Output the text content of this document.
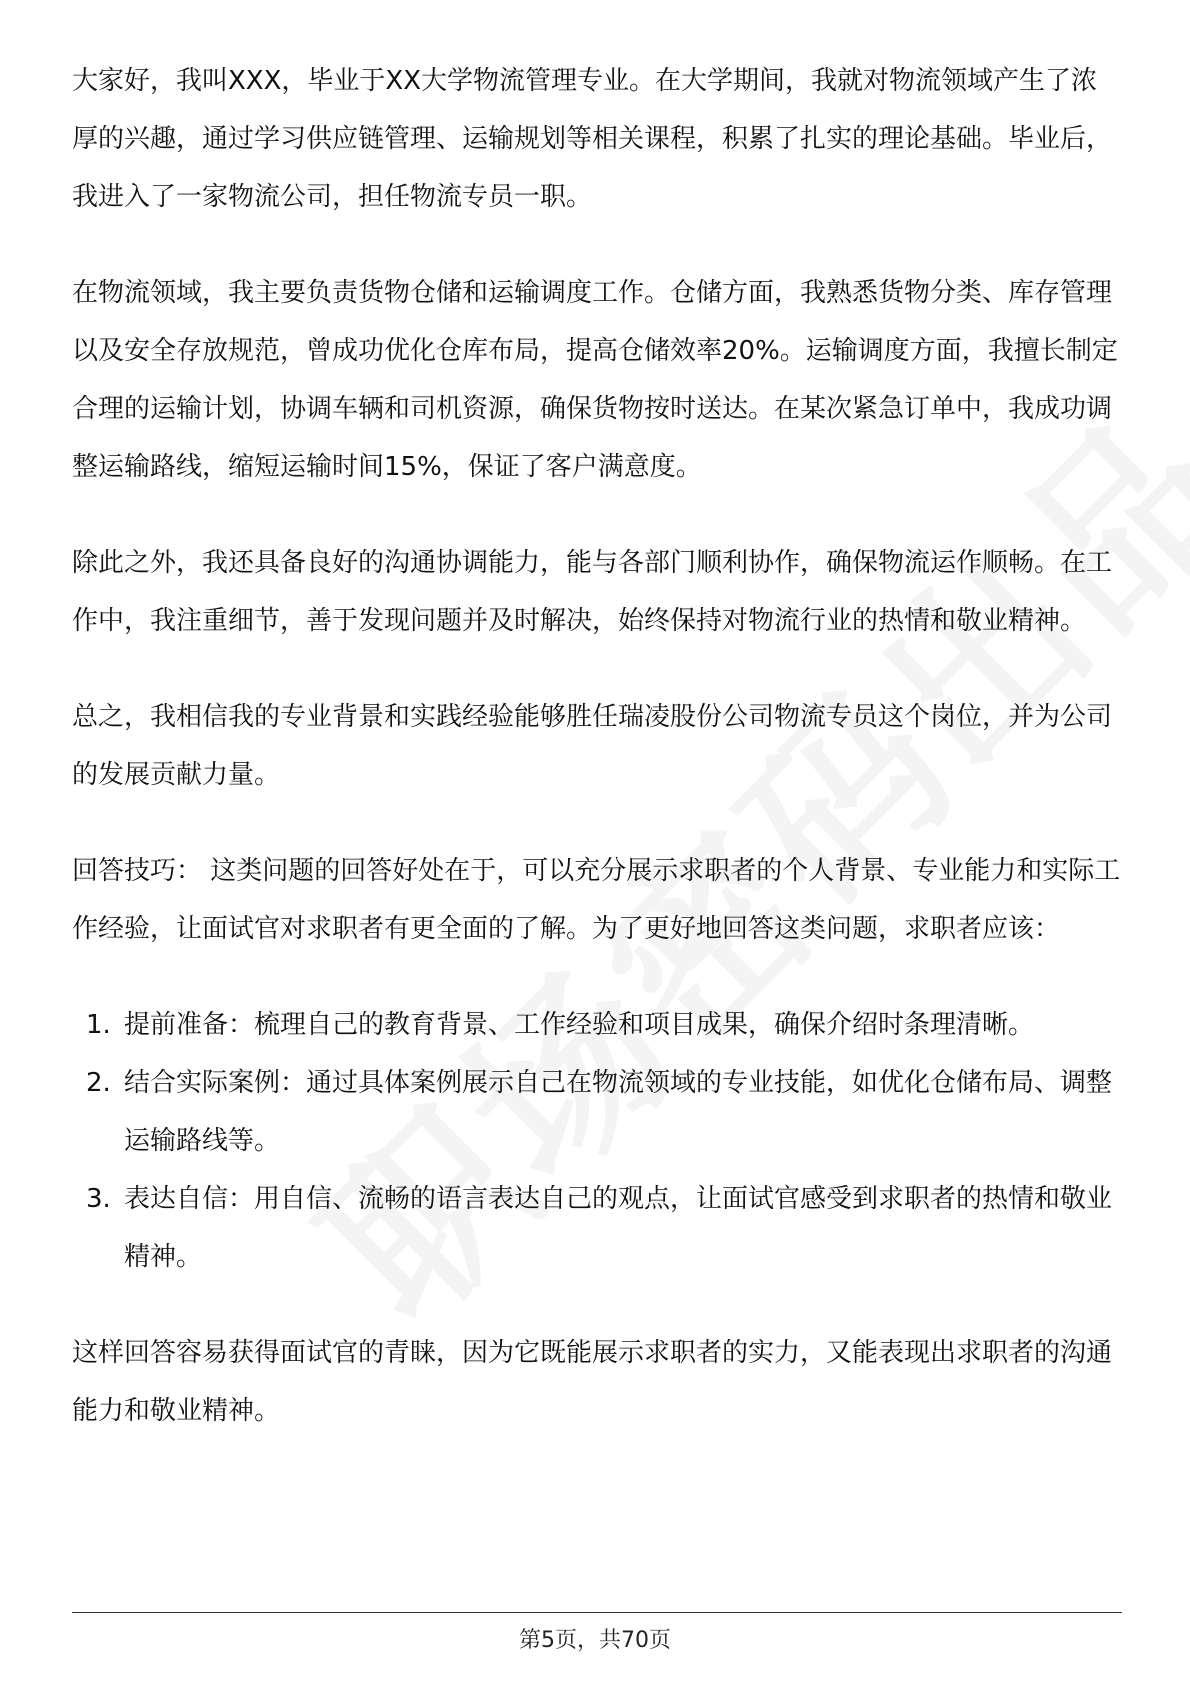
大家好，我叫XXX，毕业于XX大学物流管理专业。在大学期间，我就对物流领域产生了浓厚的兴趣，通过学习供应链管理、运输规划等相关课程，积累了扎实的理论基础。毕业后，我进入了一家物流公司，担任物流专员一职。

在物流领域，我主要负责货物仓储和运输调度工作。仓储方面，我熟悉货物分类、库存管理以及安全存放规范，曾成功优化仓库布局，提高仓储效率20%。运输调度方面，我擅长制定合理的运输计划，协调车辆和司机资源，确保货物按时送达。在某次紧急订单中，我成功调整运输路线，缩短运输时间15%，保证了客户满意度。

除此之外，我还具备良好的沟通协调能力，能与各部门顺利协作，确保物流运作顺畅。在工作中，我注重细节，善于发现问题并及时解决，始终保持对物流行业的热情和敬业精神。

总之，我相信我的专业背景和实践经验能够胜任瑞凌股份公司物流专员这个岗位，并为公司的发展贡献力量。

回答技巧： 这类问题的回答好处在于，可以充分展示求职者的个人背景、专业能力和实际工作经验，让面试官对求职者有更全面的了解。为了更好地回答这类问题，求职者应该：

1. 提前准备：梳理自己的教育背景、工作经验和项目成果，确保介绍时条理清晰。
2. 结合实际案例：通过具体案例展示自己在物流领域的专业技能，如优化仓储布局、调整运输路线等。
3. 表达自信：用自信、流畅的语言表达自己的观点，让面试官感受到求职者的热情和敬业精神。

这样回答容易获得面试官的青睐，因为它既能展示求职者的实力，又能表现出求职者的沟通能力和敬业精神。

第5页，共70页
